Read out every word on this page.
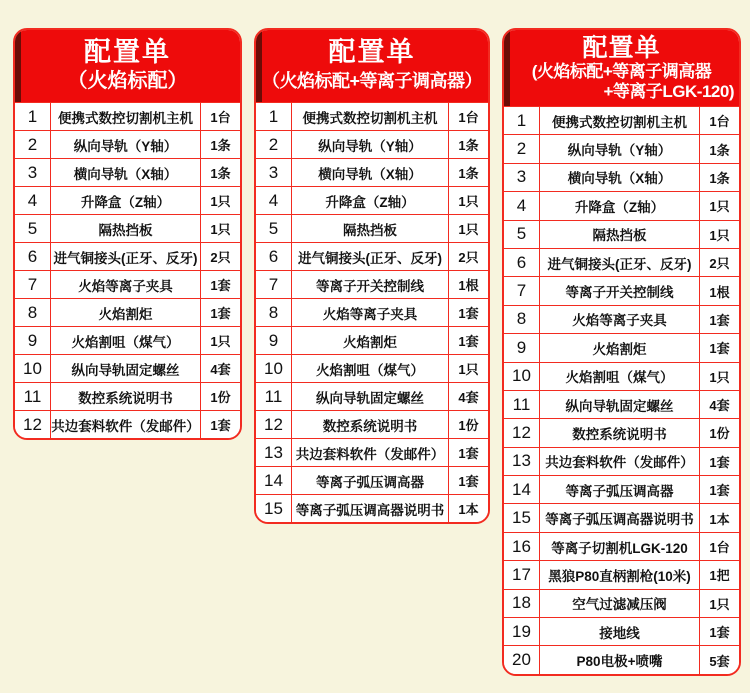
配置单
（火焰标配）
1	便携式数控切割机主机	1台
2	纵向导轨（Y轴）	1条
3	横向导轨（X轴）	1条
4	升降盒（Z轴）	1只
5	隔热挡板	1只
6	进气铜接头(正牙、反牙) 2只
7	火焰等离子夹具	1套
8	火焰割炬	1套
9	火焰割咀（煤气）	1只
10	纵向导轨固定螺丝	4套
11	数控系统说明书	1份
12 共边套料软件（发邮件） 1套
配置单
（火焰标配+等离子调高器）
1	便携式数控切割机主机	1台
2	纵向导轨（Y轴）	1条
3	横向导轨（X轴）	1条
4	升降盒（Z轴）	1只
5	隔热挡板	1只
6	进气铜接头(正牙、反牙)	2只
7	等离子开关控制线	1根
8	火焰等离子夹具	1套
9	火焰割炬	1套
10	火焰割咀（煤气）	1只
11	纵向导轨固定螺丝	4套
12	数控系统说明书	1份
13 共边套料软件（发邮件）	1套
14	等离子弧压调高器	1套
15 等离子弧压调高器说明书	1本
配置单
(火焰标配+等离子调高器
+等离子LGK-120)
1	便携式数控切割机主机	1台
2	纵向导轨（Y轴）	1条
3	横向导轨（X轴）	1条
4	升降盒（Z轴）	1只
5	隔热挡板	1只
6	进气铜接头(正牙、反牙)	2只
7	等离子开关控制线	1根
8	火焰等离子夹具	1套
9	火焰割炬	1套
10	火焰割咀（煤气）	1只
11	纵向导轨固定螺丝	4套
12	数控系统说明书	1份
13	共边套料软件（发邮件）	1套
14	等离子弧压调高器	1套
15	等离子弧压调高器说明书	1本
16	等离子切割机LGK-120	1台
17	黑狼P80直柄割枪(10米)	1把
18	空气过滤减压阀	1只
19	接地线	1套
20	P80电极+喷嘴	5套
